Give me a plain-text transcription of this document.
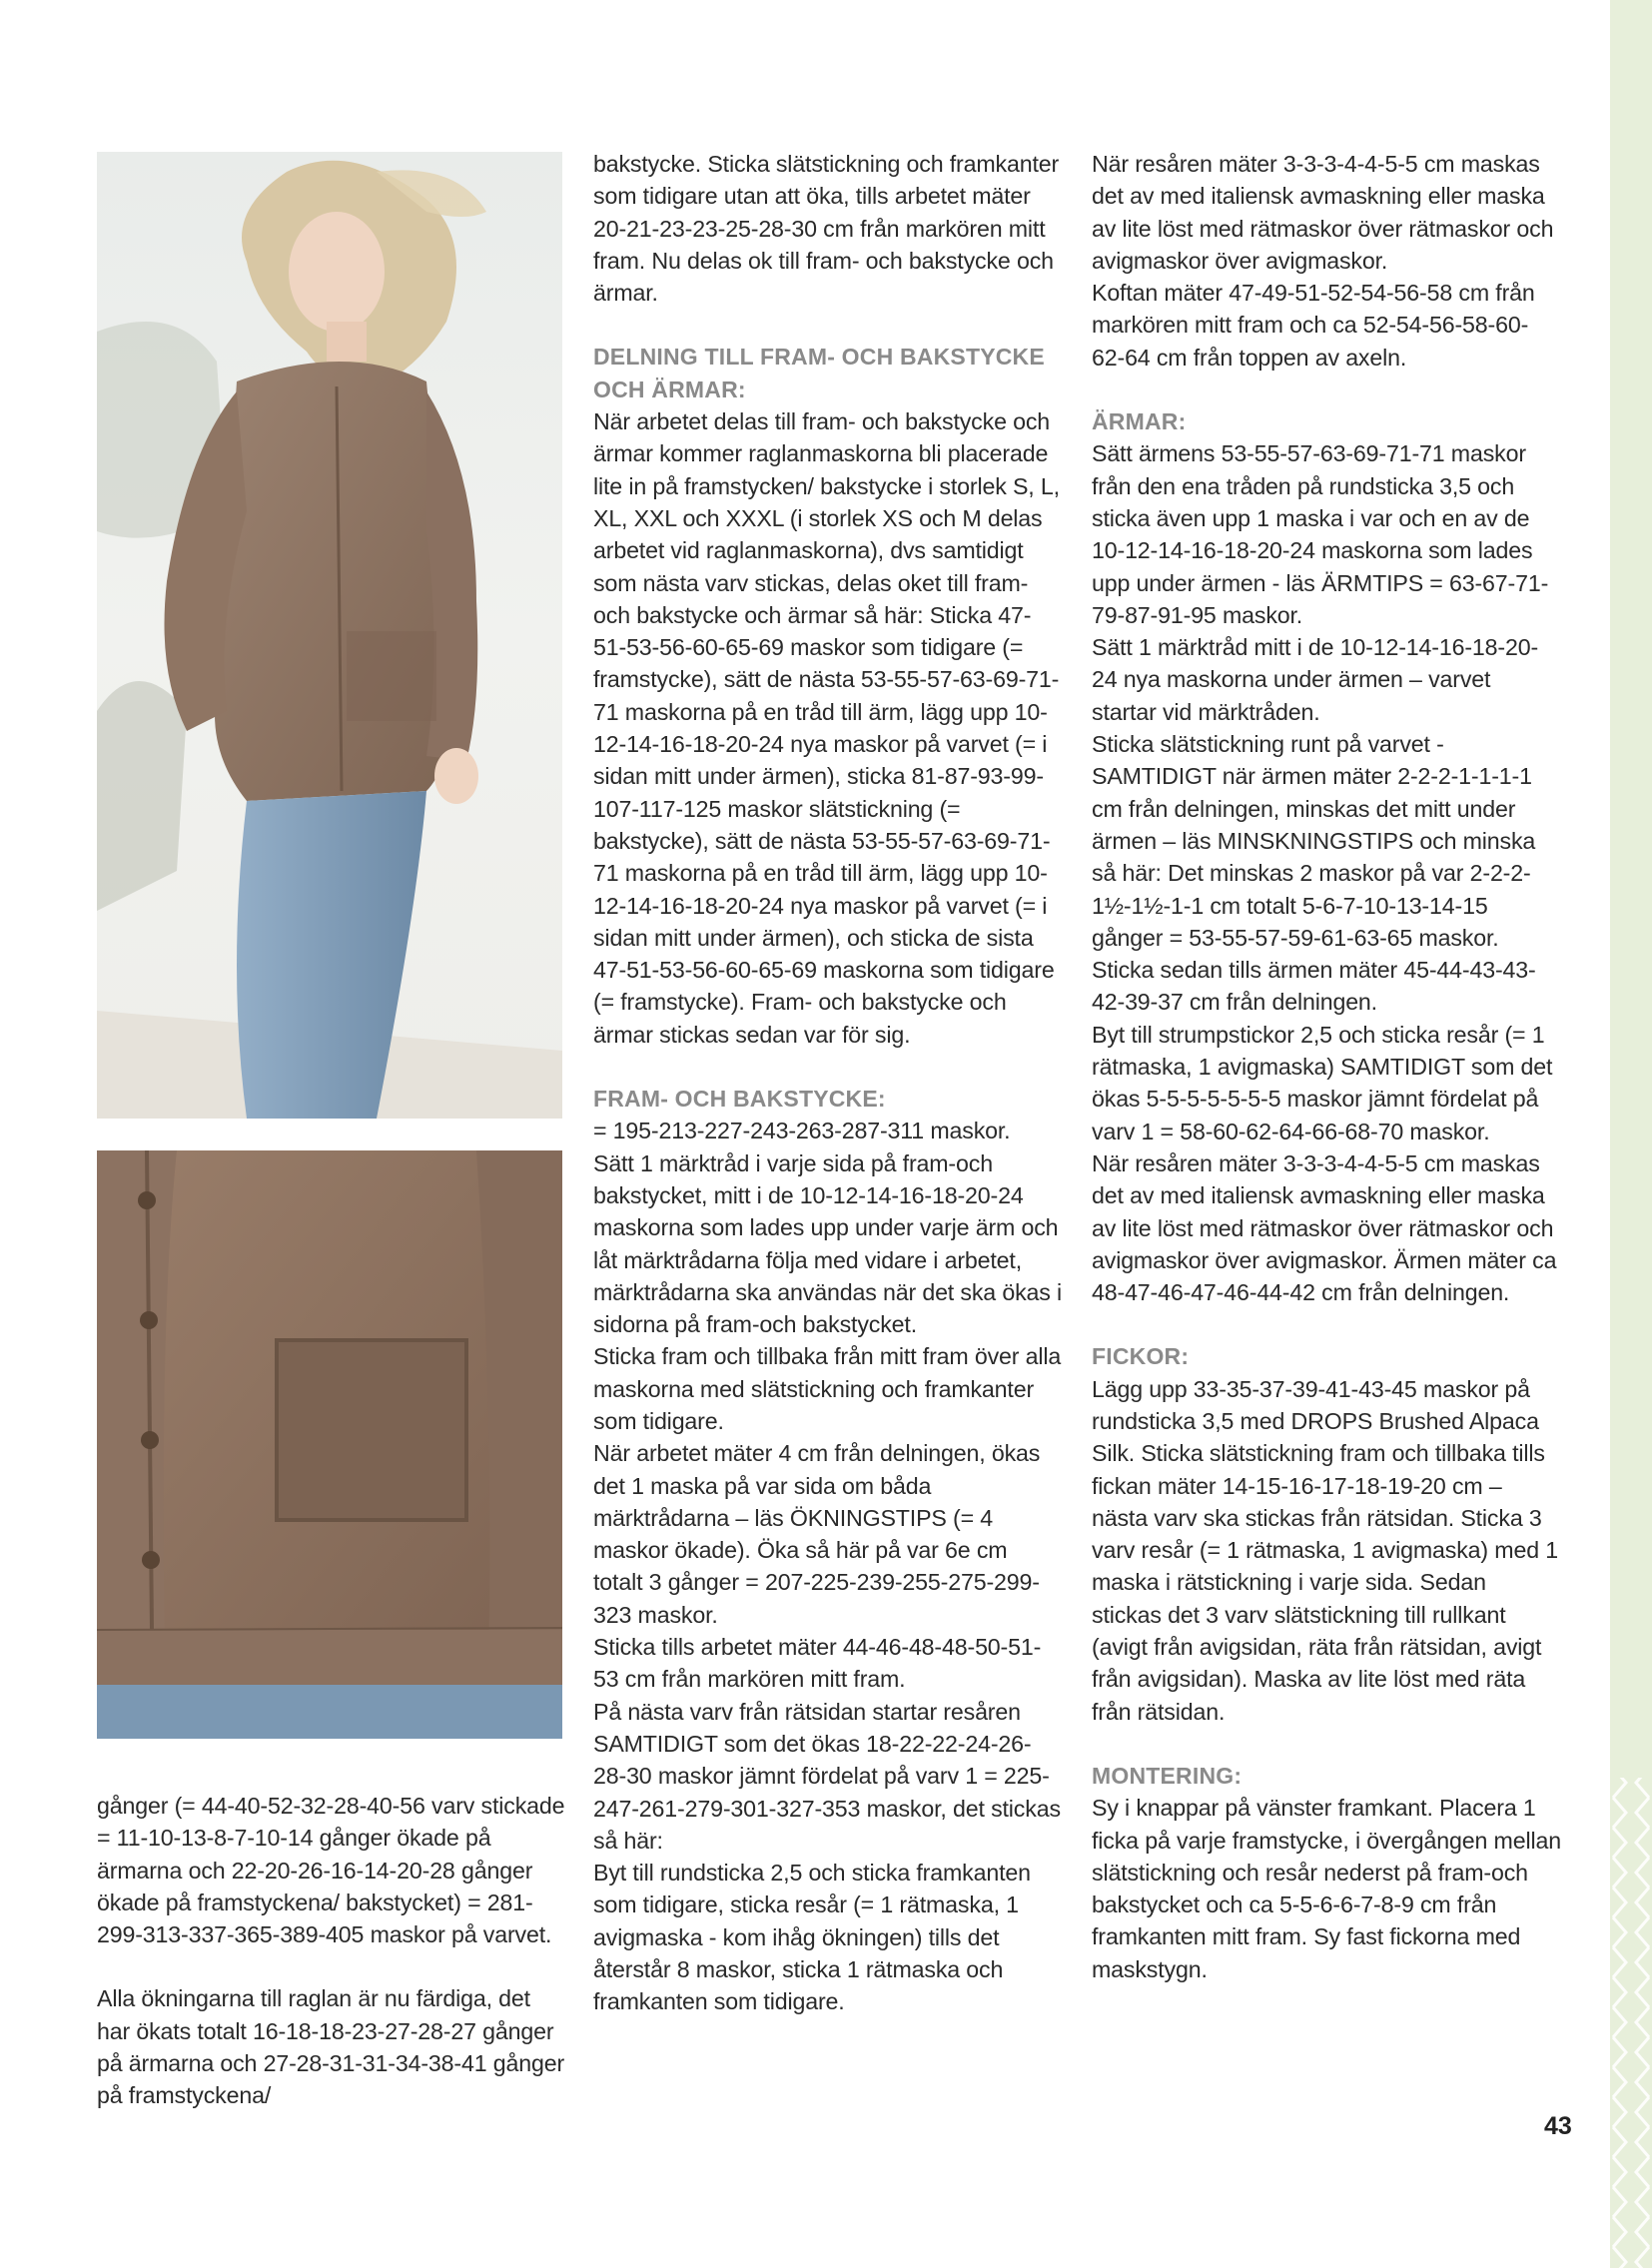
gånger (= 44-40-52-32-28-40-56 varv stickade = 11-10-13-8-7-10-14 gånger ökade på ärmarna och 22-20-26-16-14-20-28 gånger ökade på framstyckena/ bakstycket) = 281-299-313-337-365-389-405 maskor på varvet.

Alla ökningarna till raglan är nu färdiga, det har ökats totalt 16-18-18-23-27-28-27 gånger på ärmarna och 27-28-31-31-34-38-41 gånger på framstyckena/

bakstycke. Sticka slätstickning och framkanter som tidigare utan att öka, tills arbetet mäter 20-21-23-23-25-28-30 cm från markören mitt fram. Nu delas ok till fram- och bakstycke och ärmar.

DELNING TILL FRAM- OCH BAKSTYCKE OCH ÄRMAR:

När arbetet delas till fram- och bakstycke och ärmar kommer raglanmaskorna bli placerade lite in på framstycken/ bakstycke i storlek S, L, XL, XXL och XXXL (i storlek XS och M delas arbetet vid raglanmaskorna), dvs samtidigt som nästa varv stickas, delas oket till fram- och bakstycke och ärmar så här: Sticka 47-51-53-56-60-65-69 maskor som tidigare (= framstycke), sätt de nästa 53-55-57-63-69-71-71 maskorna på en tråd till ärm, lägg upp 10-12-14-16-18-20-24 nya maskor på varvet (= i sidan mitt under ärmen), sticka 81-87-93-99-107-117-125 maskor slätstickning (= bakstycke), sätt de nästa 53-55-57-63-69-71-71 maskorna på en tråd till ärm, lägg upp 10-12-14-16-18-20-24 nya maskor på varvet (= i sidan mitt under ärmen), och sticka de sista 47-51-53-56-60-65-69 maskorna som tidigare (= framstycke). Fram- och bakstycke och ärmar stickas sedan var för sig.

FRAM- OCH BAKSTYCKE:

= 195-213-227-243-263-287-311 maskor.

Sätt 1 märktråd i varje sida på fram-och bakstycket, mitt i de 10-12-14-16-18-20-24 maskorna som lades upp under varje ärm och låt märktrådarna följa med vidare i arbetet, märktrådarna ska användas när det ska ökas i sidorna på fram-och bakstycket.

Sticka fram och tillbaka från mitt fram över alla maskorna med slätstickning och framkanter som tidigare.

När arbetet mäter 4 cm från delningen, ökas det 1 maska på var sida om båda märktrådarna – läs ÖKNINGSTIPS (= 4 maskor ökade). Öka så här på var 6e cm totalt 3 gånger = 207-225-239-255-275-299-323 maskor.

Sticka tills arbetet mäter 44-46-48-48-50-51-53 cm från markören mitt fram.

På nästa varv från rätsidan startar resåren SAMTIDIGT som det ökas 18-22-22-24-26-28-30 maskor jämnt fördelat på varv 1 = 225-247-261-279-301-327-353 maskor, det stickas så här:

Byt till rundsticka 2,5 och sticka framkanten som tidigare, sticka resår (= 1 rätmaska, 1 avigmaska - kom ihåg ökningen) tills det återstår 8 maskor, sticka 1 rätmaska och framkanten som tidigare.

När resåren mäter 3-3-3-4-4-5-5 cm maskas det av med italiensk avmaskning eller maska av lite löst med rätmaskor över rätmaskor och avigmaskor över avigmaskor.

Koftan mäter 47-49-51-52-54-56-58 cm från markören mitt fram och ca 52-54-56-58-60-62-64 cm från toppen av axeln.

ÄRMAR:

Sätt ärmens 53-55-57-63-69-71-71 maskor från den ena tråden på rundsticka 3,5 och sticka även upp 1 maska i var och en av de 10-12-14-16-18-20-24 maskorna som lades upp under ärmen - läs ÄRMTIPS = 63-67-71-79-87-91-95 maskor.

Sätt 1 märktråd mitt i de 10-12-14-16-18-20-24 nya maskorna under ärmen – varvet startar vid märktråden.

Sticka slätstickning runt på varvet - SAMTIDIGT när ärmen mäter 2-2-2-1-1-1-1 cm från delningen, minskas det mitt under ärmen – läs MINSKNINGSTIPS och minska så här: Det minskas 2 maskor på var 2-2-2-1½-1½-1-1 cm totalt 5-6-7-10-13-14-15 gånger = 53-55-57-59-61-63-65 maskor.

Sticka sedan tills ärmen mäter 45-44-43-43-42-39-37 cm från delningen.

Byt till strumpstickor 2,5 och sticka resår (= 1 rätmaska, 1 avigmaska) SAMTIDIGT som det ökas 5-5-5-5-5-5-5 maskor jämnt fördelat på varv 1 = 58-60-62-64-66-68-70 maskor.

När resåren mäter 3-3-3-4-4-5-5 cm maskas det av med italiensk avmaskning eller maska av lite löst med rätmaskor över rätmaskor och avigmaskor över avigmaskor. Ärmen mäter ca 48-47-46-47-46-44-42 cm från delningen.

FICKOR:

Lägg upp 33-35-37-39-41-43-45 maskor på rundsticka 3,5 med DROPS Brushed Alpaca Silk. Sticka slätstickning fram och tillbaka tills fickan mäter 14-15-16-17-18-19-20 cm – nästa varv ska stickas från rätsidan. Sticka 3 varv resår (= 1 rätmaska, 1 avigmaska) med 1 maska i rätstickning i varje sida. Sedan stickas det 3 varv slätstickning till rullkant (avigt från avigsidan, räta från rätsidan, avigt från avigsidan). Maska av lite löst med räta från rätsidan.

MONTERING:

Sy i knappar på vänster framkant. Placera 1 ficka på varje framstycke, i övergången mellan slätstickning och resår nederst på fram-och bakstycket och ca 5-5-6-6-7-8-9 cm från framkanten mitt fram. Sy fast fickorna med maskstygn.

43
